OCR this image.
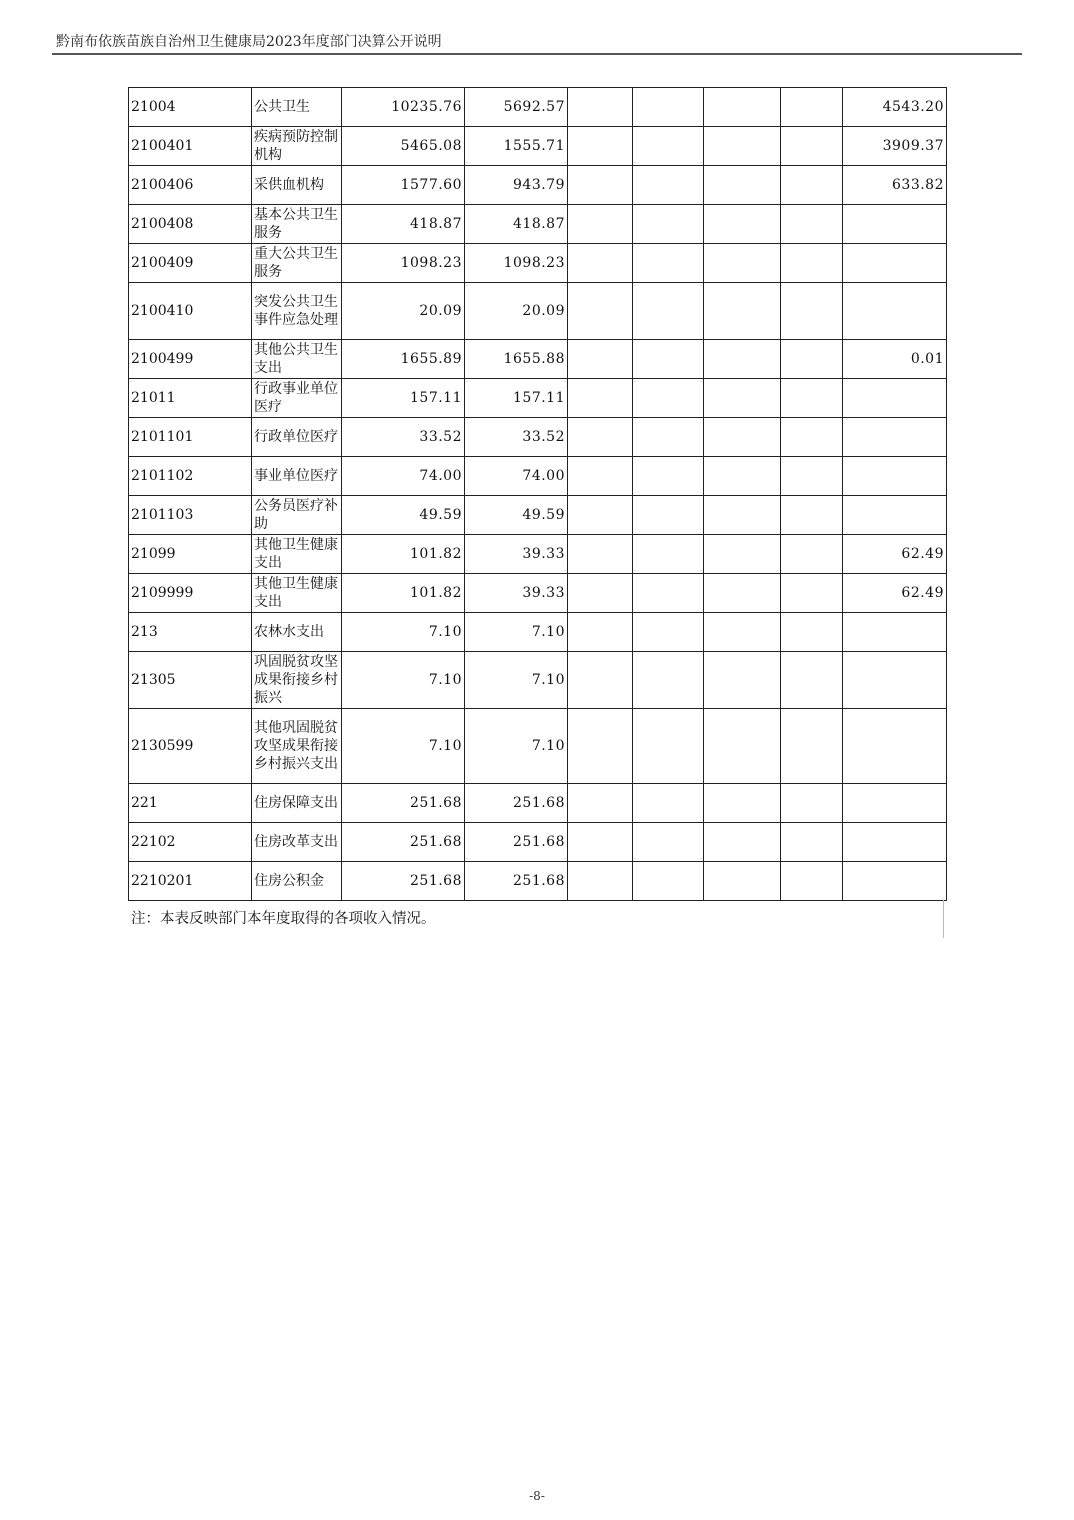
黔南布依族苗族自治州卫生健康局2023年度部门决算公开说明
21004	公共卫生	10235.76	5692.57					4543.20
2100401	疾病预防控制机构	5465.08	1555.71					3909.37
2100406	采供血机构	1577.60	943.79					633.82
2100408	基本公共卫生服务	418.87	418.87					
2100409	重大公共卫生服务	1098.23	1098.23					
2100410	突发公共卫生事件应急处理	20.09	20.09					
2100499	其他公共卫生支出	1655.89	1655.88					0.01
21011	行政事业单位医疗	157.11	157.11					
2101101	行政单位医疗	33.52	33.52					
2101102	事业单位医疗	74.00	74.00					
2101103	公务员医疗补助	49.59	49.59					
21099	其他卫生健康支出	101.82	39.33					62.49
2109999	其他卫生健康支出	101.82	39.33					62.49
213	农林水支出	7.10	7.10					
21305	巩固脱贫攻坚成果衔接乡村振兴	7.10	7.10					
2130599	其他巩固脱贫攻坚成果衔接乡村振兴支出	7.10	7.10					
221	住房保障支出	251.68	251.68					
22102	住房改革支出	251.68	251.68					
2210201	住房公积金	251.68	251.68					
注：本表反映部门本年度取得的各项收入情况。
-8-
